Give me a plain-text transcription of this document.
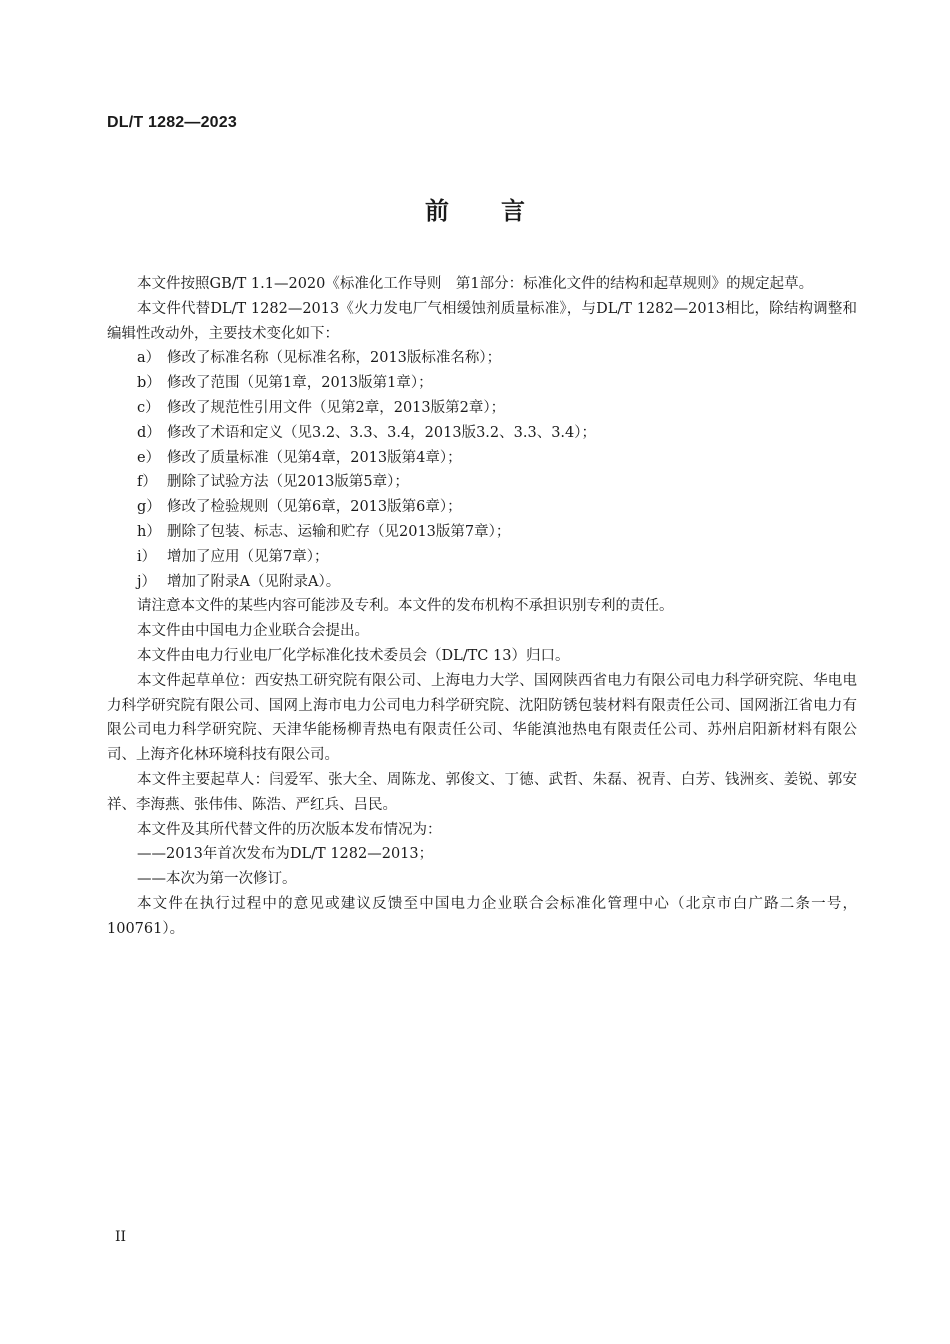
DL/T 1282—2023
前 言

本文件按照GB/T 1.1—2020《标准化工作导则　第1部分：标准化文件的结构和起草规则》的规定起草。

本文件代替DL/T 1282—2013《火力发电厂气相缓蚀剂质量标准》，与DL/T 1282—2013相比，除结构调整和编辑性改动外，主要技术变化如下：

a） 修改了标准名称（见标准名称，2013版标准名称）；

b） 修改了范围（见第1章，2013版第1章）；

c） 修改了规范性引用文件（见第2章，2013版第2章）；

d） 修改了术语和定义（见3.2、3.3、3.4，2013版3.2、3.3、3.4）；

e） 修改了质量标准（见第4章，2013版第4章）；

f） 删除了试验方法（见2013版第5章）；

g） 修改了检验规则（见第6章，2013版第6章）；

h） 删除了包装、标志、运输和贮存（见2013版第7章）；

i） 增加了应用（见第7章）；

j） 增加了附录A（见附录A）。

请注意本文件的某些内容可能涉及专利。本文件的发布机构不承担识别专利的责任。

本文件由中国电力企业联合会提出。

本文件由电力行业电厂化学标准化技术委员会（DL/TC 13）归口。

本文件起草单位：西安热工研究院有限公司、上海电力大学、国网陕西省电力有限公司电力科学研究院、华电电力科学研究院有限公司、国网上海市电力公司电力科学研究院、沈阳防锈包装材料有限责任公司、国网浙江省电力有限公司电力科学研究院、天津华能杨柳青热电有限责任公司、华能滇池热电有限责任公司、苏州启阳新材料有限公司、上海齐化林环境科技有限公司。

本文件主要起草人：闫爱军、张大全、周陈龙、郭俊文、丁德、武哲、朱磊、祝青、白芳、钱洲亥、姜锐、郭安祥、李海燕、张伟伟、陈浩、严红兵、吕民。

本文件及其所代替文件的历次版本发布情况为：

——2013年首次发布为DL/T 1282—2013；

——本次为第一次修订。

本文件在执行过程中的意见或建议反馈至中国电力企业联合会标准化管理中心（北京市白广路二条一号，100761）。

II
